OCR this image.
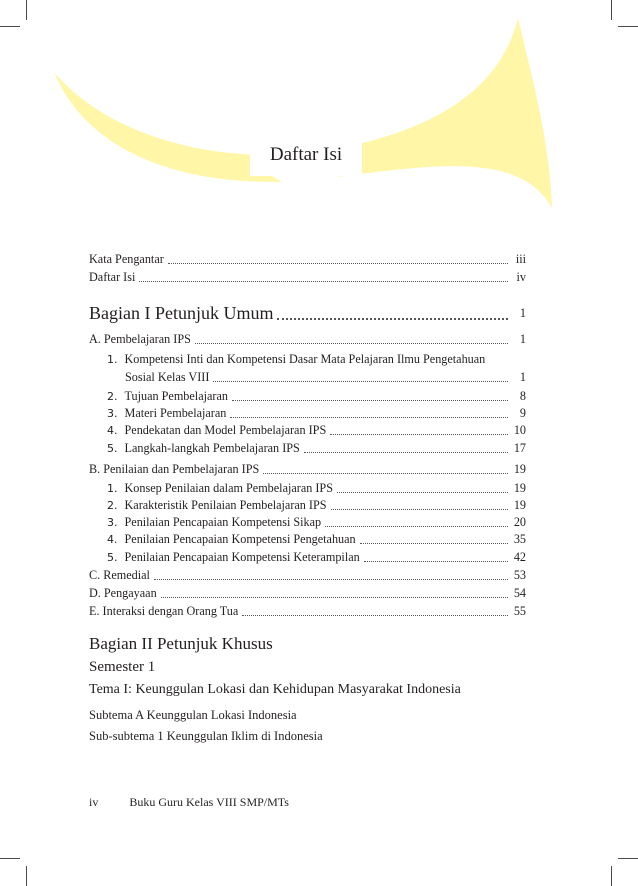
Daftar Isi
Kata Pengantar	iii
Daftar Isi	iv
Bagian I Petunjuk Umum	1
A. Pembelajaran IPS	1
1. Kompetensi Inti dan Kompetensi Dasar Mata Pelajaran Ilmu Pengetahuan
Sosial Kelas VIII	1
2. Tujuan Pembelajaran	8
3. Materi Pembelajaran	9
4. Pendekatan dan Model Pembelajaran IPS	10
5. Langkah-langkah Pembelajaran IPS	17
B. Penilaian dan Pembelajaran IPS	19
1. Konsep Penilaian dalam Pembelajaran IPS	19
2. Karakteristik Penilaian Pembelajaran IPS	19
3. Penilaian Pencapaian Kompetensi Sikap	20
4. Penilaian Pencapaian Kompetensi Pengetahuan	35
5. Penilaian Pencapaian Kompetensi Keterampilan	42
C. Remedial	53
D. Pengayaan	54
E. Interaksi dengan Orang Tua	55
Bagian II Petunjuk Khusus
Semester 1
Tema I: Keunggulan Lokasi dan Kehidupan Masyarakat Indonesia
Subtema A Keunggulan Lokasi Indonesia
Sub-subtema 1 Keunggulan Iklim di Indonesia
iv	Buku Guru Kelas VIII SMP/MTs
